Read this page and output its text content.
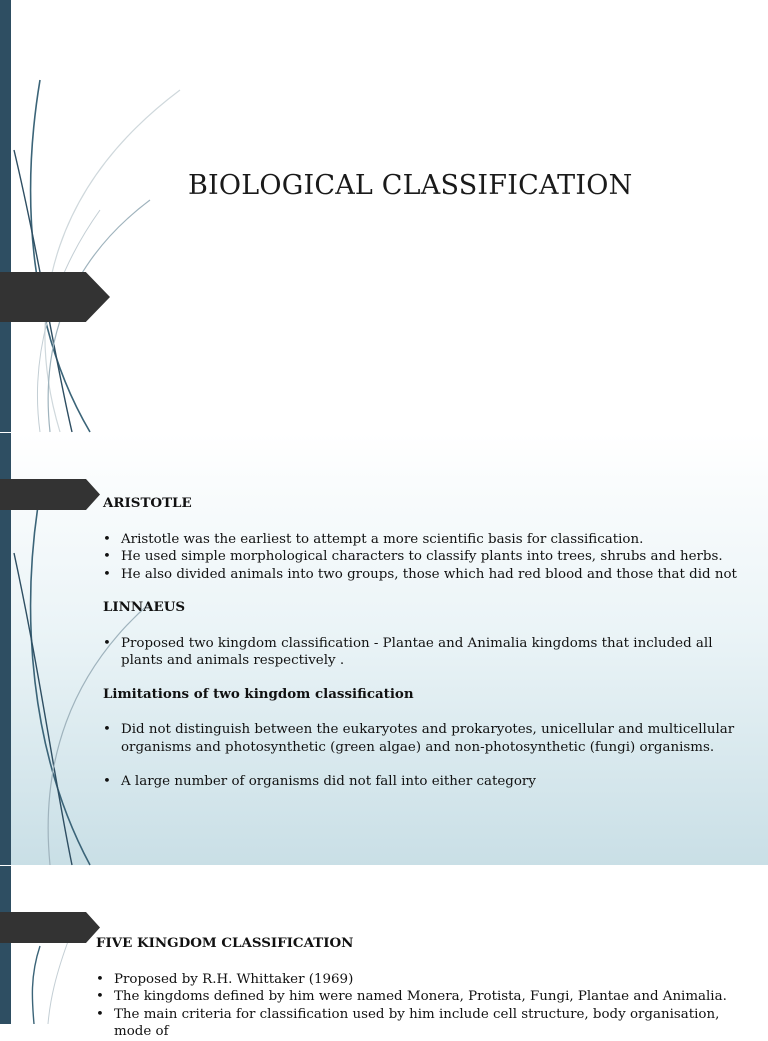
BIOLOGICAL CLASSIFICATION

ARISTOTLE

• Aristotle was the earliest to attempt a more scientific basis for classification.
• He used simple morphological characters to classify plants into trees, shrubs and herbs.
• He also divided animals into two groups, those which had red blood and those that did not

LINNAEUS

• Proposed two kingdom classification - Plantae and Animalia kingdoms that included all plants and animals respectively .

Limitations of two kingdom classification

• Did not distinguish between the eukaryotes and prokaryotes, unicellular and multicellular organisms and photosynthetic (green algae) and non-photosynthetic (fungi) organisms.
• A large number of organisms did not fall into either category

FIVE KINGDOM CLASSIFICATION

• Proposed by R.H. Whittaker (1969)
• The kingdoms defined by him were named Monera, Protista, Fungi, Plantae and Animalia.
• The main criteria for classification used by him include cell structure, body organisation, mode of
